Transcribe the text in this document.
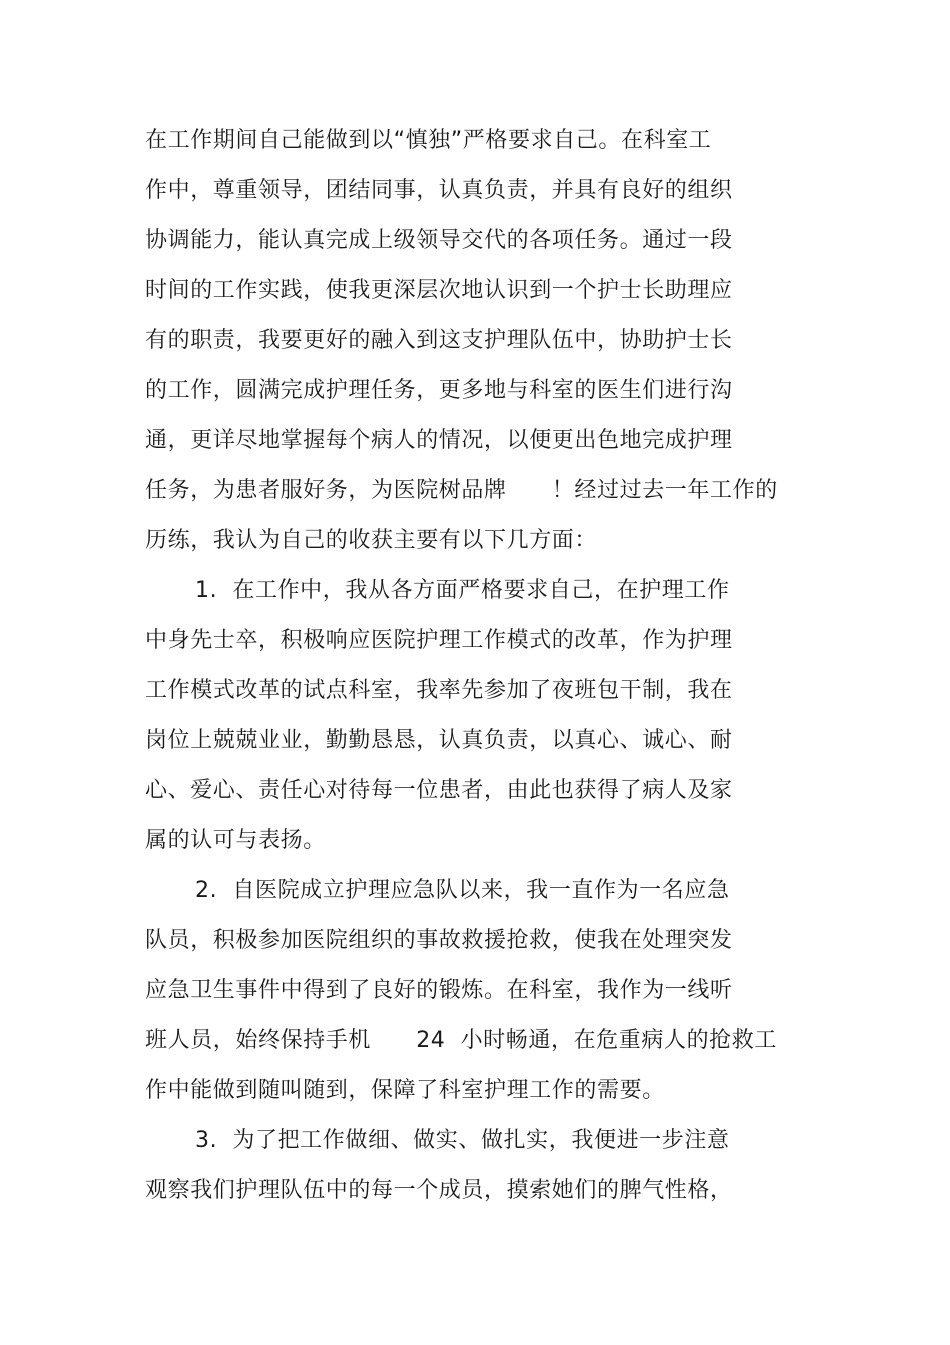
在工作期间自己能做到以“慎独”严格要求自己。在科室工
作中，尊重领导，团结同事，认真负责，并具有良好的组织
协调能力，能认真完成上级领导交代的各项任务。通过一段
时间的工作实践，使我更深层次地认识到一个护士长助理应
有的职责，我要更好的融入到这支护理队伍中，协助护士长
的工作，圆满完成护理任务，更多地与科室的医生们进行沟
通，更详尽地掌握每个病人的情况，以便更出色地完成护理
任务，为患者服好务，为医院树品牌　　！经过过去一年工作的
历练，我认为自己的收获主要有以下几方面：
1.  在工作中，我从各方面严格要求自己，在护理工作
中身先士卒，积极响应医院护理工作模式的改革，作为护理
工作模式改革的试点科室，我率先参加了夜班包干制，我在
岗位上兢兢业业，勤勤恳恳，认真负责，以真心、诚心、耐
心、爱心、责任心对待每一位患者，由此也获得了病人及家
属的认可与表扬。
2.  自医院成立护理应急队以来，我一直作为一名应急
队员，积极参加医院组织的事故救援抢救，使我在处理突发
应急卫生事件中得到了良好的锻炼。在科室，我作为一线听
班人员，始终保持手机　　24  小时畅通，在危重病人的抢救工
作中能做到随叫随到，保障了科室护理工作的需要。
3.  为了把工作做细、做实、做扎实，我便进一步注意
观察我们护理队伍中的每一个成员，摸索她们的脾气性格，
